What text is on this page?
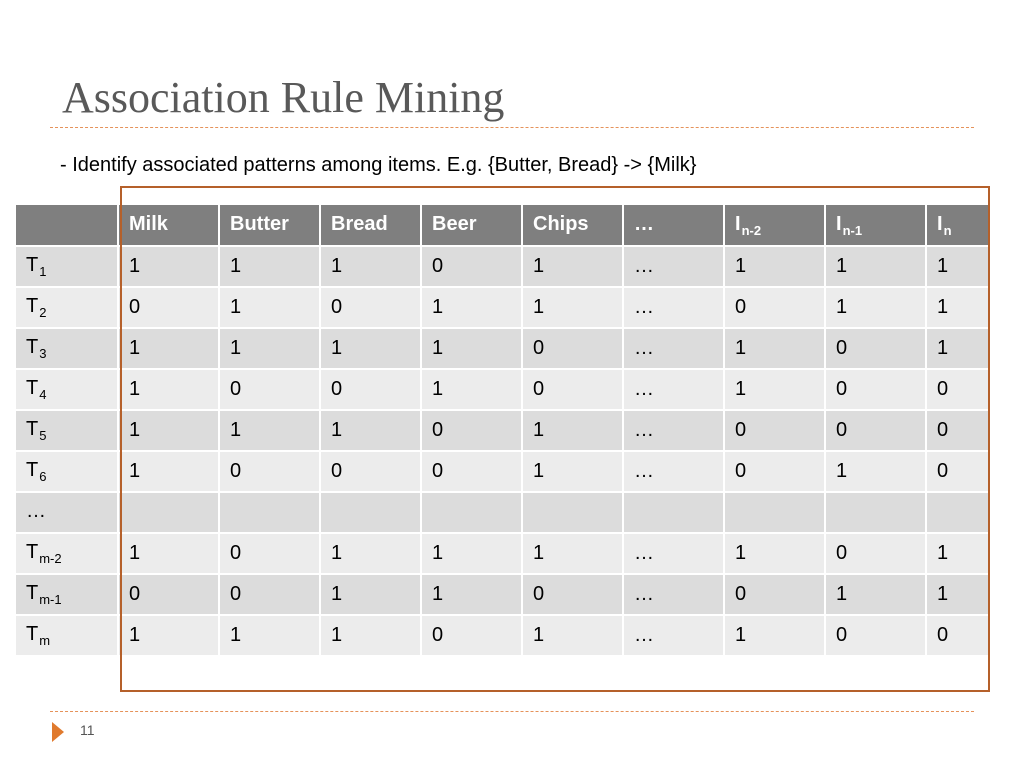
Association Rule Mining
- Identify associated patterns among items. E.g. {Butter, Bread} -> {Milk}
	Milk	Butter	Bread	Beer	Chips	…	$I_{n-2}$	$I_{n-1}$	$I_n$
$T_1$	1	1	1	0	1	…	1	1	1
$T_2$	0	1	0	1	1	…	0	1	1
$T_3$	1	1	1	1	0	…	1	0	1
$T_4$	1	0	0	1	0	…	1	0	0
$T_5$	1	1	1	0	1	…	0	0	0
$T_6$	1	0	0	0	1	…	0	1	0
…									
$T_{m-2}$	1	0	1	1	1	…	1	0	1
$T_{m-1}$	0	0	1	1	0	…	0	1	1
$T_m$	1	1	1	0	1	…	1	0	0
11
